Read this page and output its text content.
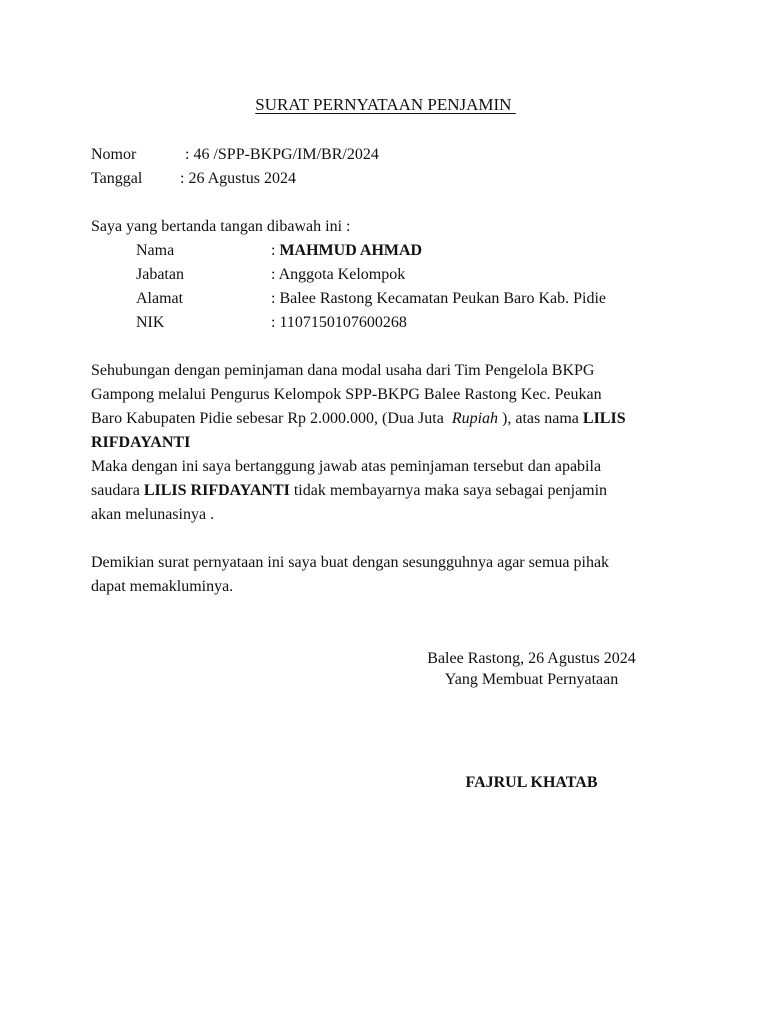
SURAT PERNYATAAN PENJAMIN
Nomor	: 46 /SPP-BKPG/IM/BR/2024
Tanggal : 26 Agustus 2024
Saya yang bertanda tangan dibawah ini :
Nama	: MAHMUD AHMAD
Jabatan	: Anggota Kelompok
Alamat	: Balee Rastong Kecamatan Peukan Baro Kab. Pidie
NIK	: 1107150107600268
Sehubungan dengan peminjaman dana modal usaha dari Tim Pengelola BKPG
Gampong melalui Pengurus Kelompok SPP-BKPG Balee Rastong Kec. Peukan
Baro Kabupaten Pidie sebesar Rp 2.000.000, (Dua Juta  Rupiah ), atas nama LILIS
RIFDAYANTI
Maka dengan ini saya bertanggung jawab atas peminjaman tersebut dan apabila
saudara LILIS RIFDAYANTI tidak membayarnya maka saya sebagai penjamin
akan melunasinya .
Demikian surat pernyataan ini saya buat dengan sesungguhnya agar semua pihak
dapat memakluminya.
Balee Rastong, 26 Agustus 2024
Yang Membuat Pernyataan
FAJRUL KHATAB
